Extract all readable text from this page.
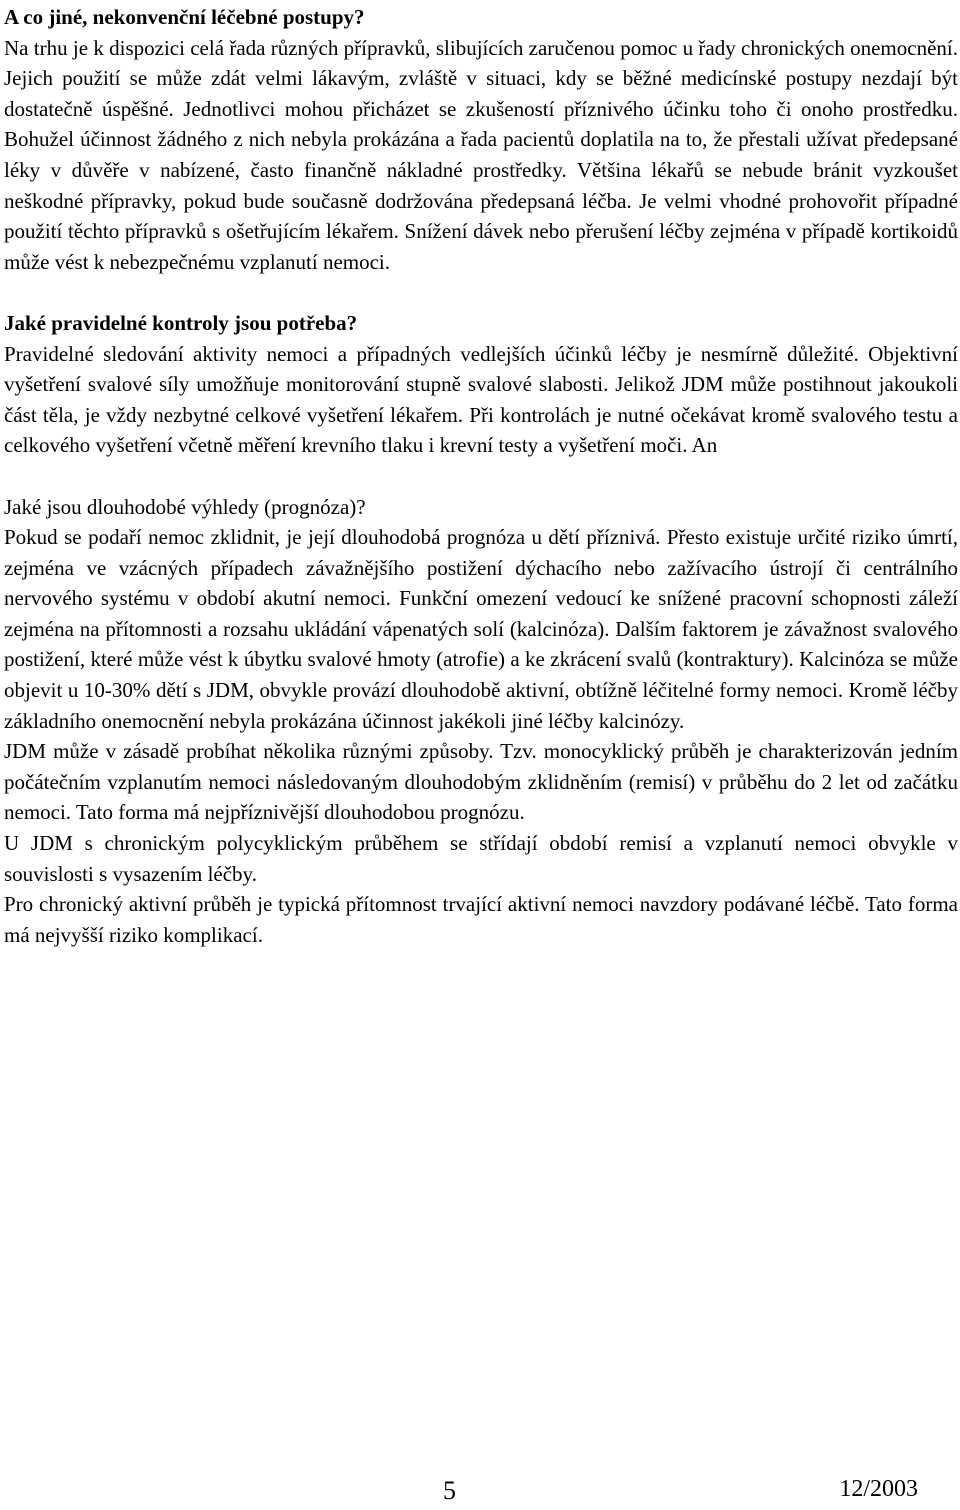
A co jiné, nekonvenční léčebné postupy?

Na trhu je k dispozici celá řada různých přípravků, slibujících zaručenou pomoc u řady chronických onemocnění. Jejich použití se může zdát velmi lákavým, zvláště v situaci, kdy se běžné medicínské postupy nezdají být dostatečně úspěšné. Jednotlivci mohou přicházet se zkušeností příznivého účinku toho či onoho prostředku. Bohužel účinnost žádného z nich nebyla prokázána a řada pacientů doplatila na to, že přestali užívat předepsané léky v důvěře v nabízené, často finančně nákladné prostředky. Většina lékařů se nebude bránit vyzkoušet neškodné přípravky, pokud bude současně dodržována předepsaná léčba. Je velmi vhodné prohovořit případné použití těchto přípravků s ošetřujícím lékařem. Snížení dávek nebo přerušení léčby zejména v případě kortikoidů může vést k nebezpečnému vzplanutí nemoci.

Jaké pravidelné kontroly jsou potřeba?

Pravidelné sledování aktivity nemoci a případných vedlejších účinků léčby je nesmírně důležité. Objektivní vyšetření svalové síly umožňuje monitorování stupně svalové slabosti. Jelikož JDM může postihnout jakoukoli část těla, je vždy nezbytné celkové vyšetření lékařem. Při kontrolách je nutné očekávat kromě svalového testu a celkového vyšetření včetně měření krevního tlaku i krevní testy a vyšetření moči. An

Jaké jsou dlouhodobé výhledy (prognóza)?

Pokud se podaří nemoc zklidnit, je její dlouhodobá prognóza u dětí příznivá. Přesto existuje určité riziko úmrtí, zejména ve vzácných případech závažnějšího postižení dýchacího nebo zažívacího ústrojí či centrálního nervového systému v období akutní nemoci. Funkční omezení vedoucí ke snížené pracovní schopnosti záleží zejména na přítomnosti a rozsahu ukládání vápenatých solí (kalcinóza). Dalším faktorem je závažnost svalového postižení, které může vést k úbytku svalové hmoty (atrofie) a ke zkrácení svalů (kontraktury). Kalcinóza se může objevit u 10-30% dětí s JDM, obvykle provází dlouhodobě aktivní, obtížně léčitelné formy nemoci. Kromě léčby základního onemocnění nebyla prokázána účinnost jakékoli jiné léčby kalcinózy.

JDM může v zásadě probíhat několika různými způsoby. Tzv. monocyklický průběh je charakterizován jedním počátečním vzplanutím nemoci následovaným dlouhodobým zklidněním (remisí) v průběhu do 2 let od začátku nemoci. Tato forma má nejpříznivější dlouhodobou prognózu.

U JDM s chronickým polycyklickým průběhem se střídají období remisí a vzplanutí nemoci obvykle v souvislosti s vysazením léčby.

Pro chronický aktivní průběh je typická přítomnost trvající aktivní nemoci navzdory podávané léčbě. Tato forma má nejvyšší riziko komplikací.

5	12/2003
